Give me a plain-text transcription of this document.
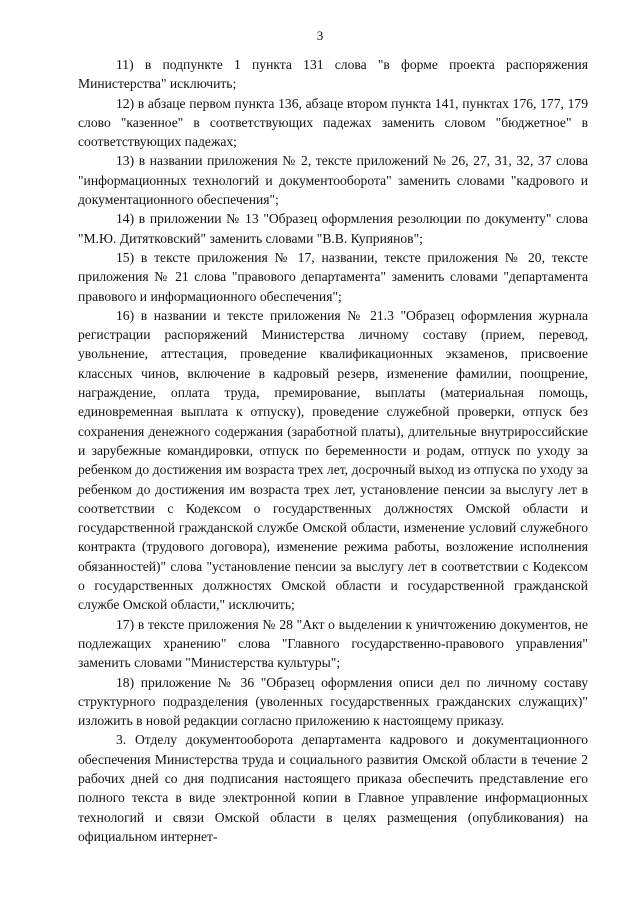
3

11) в подпункте 1 пункта 131 слова "в форме проекта распоряжения Министерства" исключить;

12) в абзаце первом пункта 136, абзаце втором пункта 141, пунктах 176, 177, 179 слово "казенное" в соответствующих падежах заменить словом "бюджетное" в соответствующих падежах;

13) в названии приложения № 2, тексте приложений № 26, 27, 31, 32, 37 слова "информационных технологий и документооборота" заменить словами "кадрового и документационного обеспечения";

14) в приложении № 13 "Образец оформления резолюции по документу" слова "М.Ю. Дитятковский" заменить словами "В.В. Куприянов";

15) в тексте приложения № 17, названии, тексте приложения № 20, тексте приложения № 21 слова "правового департамента" заменить словами "департамента правового и информационного обеспечения";

16) в названии и тексте приложения № 21.3 "Образец оформления журнала регистрации распоряжений Министерства личному составу (прием, перевод, увольнение, аттестация, проведение квалификационных экзаменов, присвоение классных чинов, включение в кадровый резерв, изменение фамилии, поощрение, награждение, оплата труда, премирование, выплаты (материальная помощь, единовременная выплата к отпуску), проведение служебной проверки, отпуск без сохранения денежного содержания (заработной платы), длительные внутрироссийские и зарубежные командировки, отпуск по беременности и родам, отпуск по уходу за ребенком до достижения им возраста трех лет, досрочный выход из отпуска по уходу за ребенком до достижения им возраста трех лет, установление пенсии за выслугу лет в соответствии с Кодексом о государственных должностях Омской области и государственной гражданской службе Омской области, изменение условий служебного контракта (трудового договора), изменение режима работы, возложение исполнения обязанностей)" слова "установление пенсии за выслугу лет в соответствии с Кодексом о государственных должностях Омской области и государственной гражданской службе Омской области," исключить;

17) в тексте приложения № 28 "Акт о выделении к уничтожению документов, не подлежащих хранению" слова "Главного государственно-правового управления" заменить словами "Министерства культуры";

18) приложение № 36 "Образец оформления описи дел по личному составу структурного подразделения (уволенных государственных гражданских служащих)" изложить в новой редакции согласно приложению к настоящему приказу.

3. Отделу документооборота департамента кадрового и документационного обеспечения Министерства труда и социального развития Омской области в течение 2 рабочих дней со дня подписания настоящего приказа обеспечить представление его полного текста в виде электронной копии в Главное управление информационных технологий и связи Омской области в целях размещения (опубликования) на официальном интернет-
